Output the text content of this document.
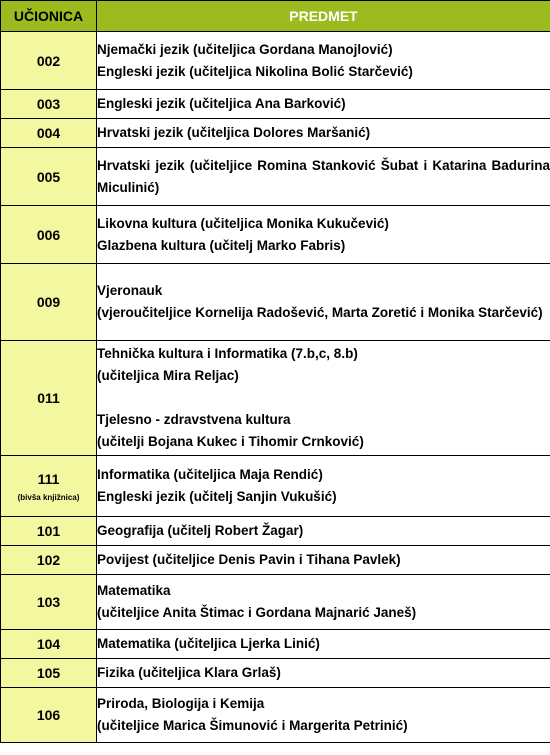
UČIONICA	PREDMET
002	Njemački jezik (učiteljica Gordana Manojlović)
Engleski jezik (učiteljica Nikolina Bolić Starčević)

003	Engleski jezik (učiteljica Ana Barković)

004	Hrvatski jezik (učiteljica Dolores Maršanić)

005	Hrvatski jezik (učiteljice Romina Stanković Šubat i Katarina Badurina Miculinić)

006	Likovna kultura (učiteljica Monika Kukučević)
Glazbena kultura (učitelj Marko Fabris)

009	Vjeronauk
(vjeroučiteljice Kornelija Radošević, Marta Zoretić i Monika Starčević)

011	Tehnička kultura i Informatika (7.b,c, 8.b)
(učiteljica Mira Reljac)
Tjelesno - zdravstvena kultura
(učitelji Bojana Kukec i Tihomir Crnković)

111
(bivša knjižnica)	Informatika (učiteljica Maja Rendić)
Engleski jezik (učitelj Sanjin Vukušić)

101	Geografija (učitelj Robert Žagar)

102	Povijest (učiteljice Denis Pavin i Tihana Pavlek)

103	Matematika
(učiteljice Anita Štimac i Gordana Majnarić Janeš)

104	Matematika (učiteljica Ljerka Linić)

105	Fizika (učiteljica Klara Grlaš)

106	Priroda, Biologija i Kemija
(učiteljice Marica Šimunović i Margerita Petrinić)
